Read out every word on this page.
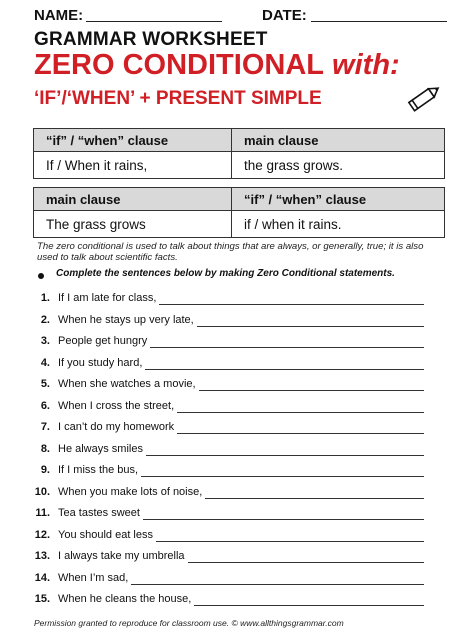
NAME:	DATE:
GRAMMAR WORKSHEET
ZERO CONDITIONAL with:
‘IF’/‘WHEN’ + PRESENT SIMPLE
“if” / “when” clause	main clause
If / When it rains,	the grass grows.
main clause	“if” / “when” clause
The grass grows	if / when it rains.
The zero conditional is used to talk about things that are always, or generally, true; it is also used to talk about scientific facts.
Complete the sentences below by making Zero Conditional statements.
1. If I am late for class,
2. When he stays up very late,
3. People get hungry
4. If you study hard,
5. When she watches a movie,
6. When I cross the street,
7. I can’t do my homework
8. He always smiles
9. If I miss the bus,
10. When you make lots of noise,
11. Tea tastes sweet
12. You should eat less
13. I always take my umbrella
14. When I’m sad,
15. When he cleans the house,
Permission granted to reproduce for classroom use. © www.allthingsgrammar.com
